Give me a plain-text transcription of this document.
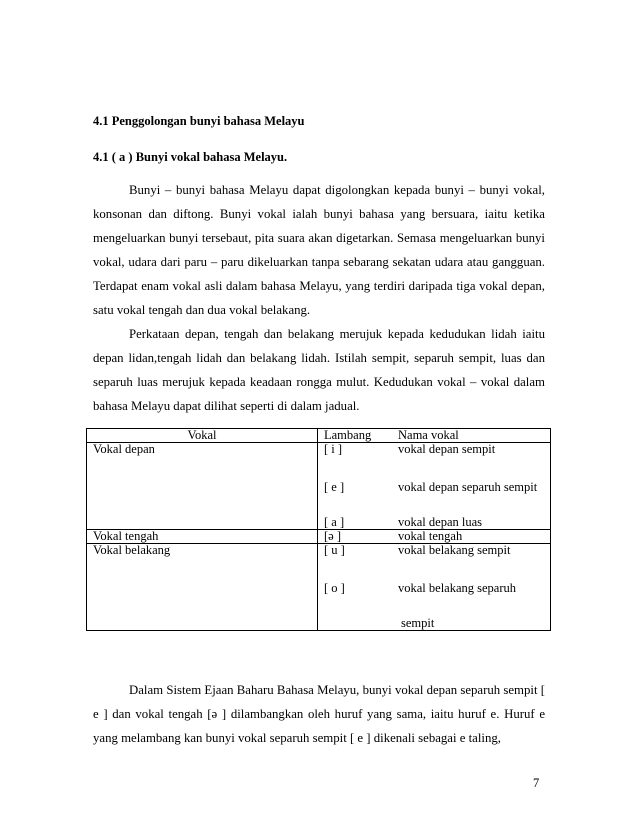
4.1 Penggolongan bunyi bahasa Melayu
4.1 ( a ) Bunyi vokal bahasa Melayu.

Bunyi – bunyi bahasa Melayu dapat digolongkan kepada bunyi – bunyi vokal, konsonan dan diftong. Bunyi vokal ialah bunyi bahasa yang bersuara, iaitu ketika mengeluarkan bunyi tersebaut, pita suara akan digetarkan. Semasa mengeluarkan bunyi vokal, udara dari paru – paru dikeluarkan tanpa sebarang sekatan udara atau gangguan. Terdapat enam vokal asli dalam bahasa Melayu, yang terdiri daripada tiga vokal depan, satu vokal tengah dan dua vokal belakang.

Perkataan depan, tengah dan belakang merujuk kepada kedudukan lidah iaitu depan lidan,tengah lidah dan belakang lidah. Istilah sempit, separuh sempit, luas dan separuh luas merujuk kepada keadaan rongga mulut. Kedudukan vokal – vokal dalam bahasa Melayu dapat dilihat seperti di dalam jadual.

Vokal	Lambang Nama vokal
Vokal depan	[ i ] vokal depan sempit
[ e ] vokal depan separuh sempit
[ a ] vokal depan luas

Vokal tengah	[ə ] vokal tengah
Vokal belakang	[ u ] vokal belakang sempit
[ o ] vokal belakang separuh
sempit

Dalam Sistem Ejaan Baharu Bahasa Melayu, bunyi vokal depan separuh sempit [ e ] dan vokal tengah [ə ] dilambangkan oleh huruf yang sama, iaitu huruf e. Huruf e yang melambang kan bunyi vokal separuh sempit [ e ] dikenali sebagai e taling,

7
